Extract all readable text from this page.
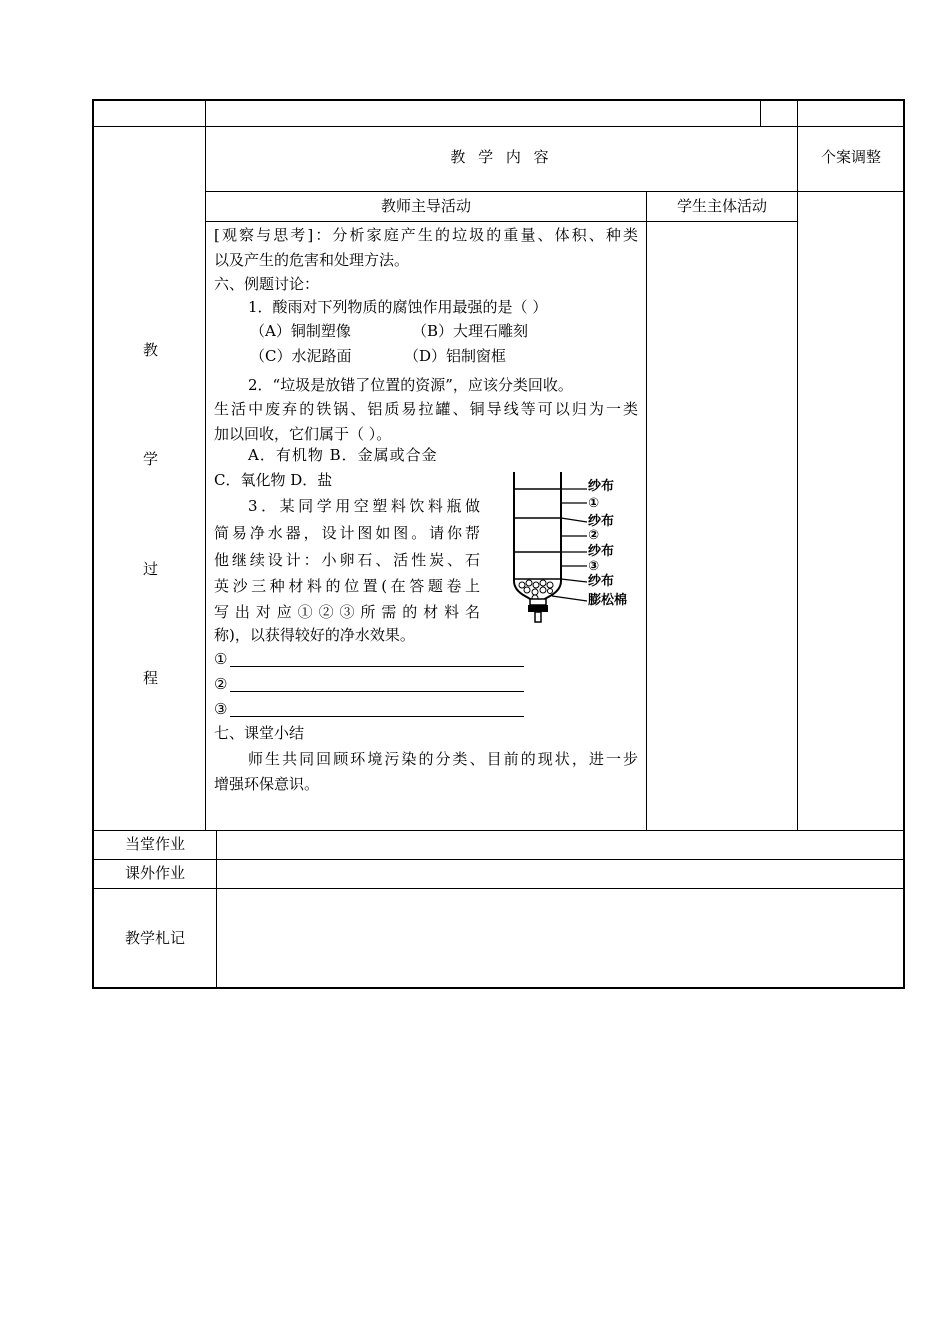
教 学 内 容	个案调整
教师主导活动	学生主体活动
教
学
过
程
[观察与思考]：分析家庭产生的垃圾的重量、体积、种类
以及产生的危害和处理方法。
六、例题讨论：
1．酸雨对下列物质的腐蚀作用最强的是（ ）
（A）铜制塑像	（B）大理石雕刻
（C）水泥路面	（D）铝制窗框
2．“垃圾是放错了位置的资源”，应该分类回收。
生活中废弃的铁锅、铝质易拉罐、铜导线等可以归为一类
加以回收，它们属于（ ）。
A．有机物 B．金属或合金
C．氧化物 D．盐
3．某同学用空塑料饮料瓶做
简易净水器，设计图如图。请你帮
他继续设计：小卵石、活性炭、石
英沙三种材料的位置(在答题卷上
写出对应①②③所需的材料名
称)，以获得较好的净水效果。
①
②
③
七、课堂小结
师生共同回顾环境污染的分类、目前的现状，进一步
增强环保意识。
纱布
①
纱布
②
纱布
③
纱布
膨松棉
当堂作业
课外作业
教学札记
